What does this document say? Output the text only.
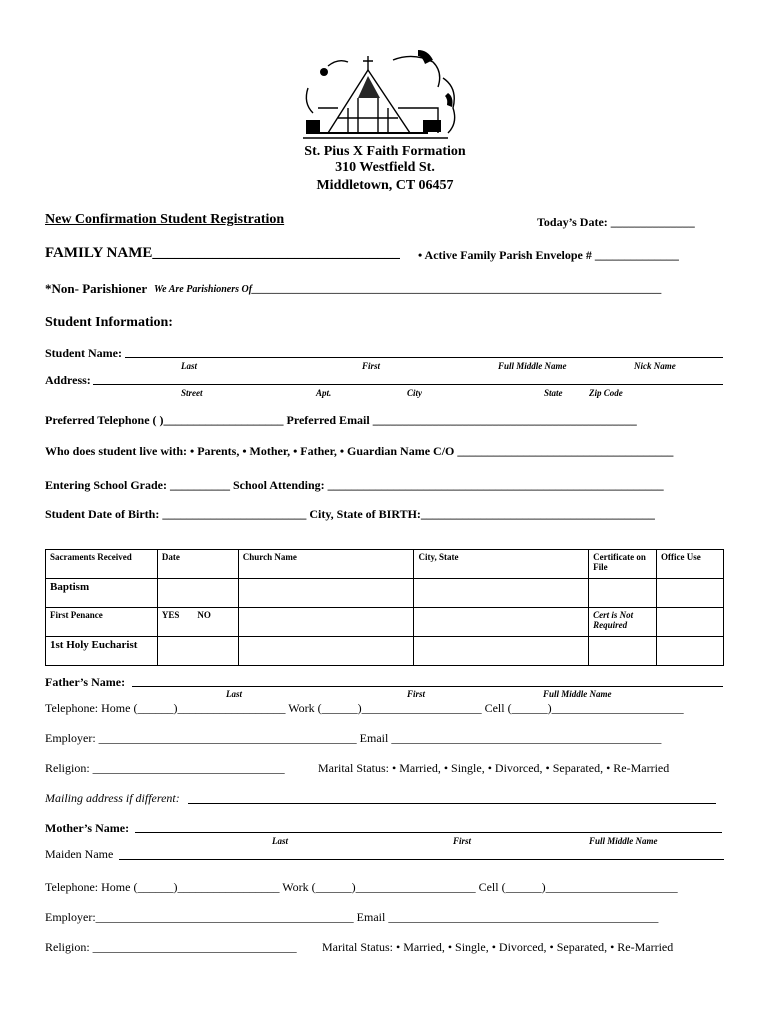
St. Pius X Faith Formation
310 Westfield St.
Middletown, CT 06457
New Confirmation Student Registration	Today’s Date: ______________
FAMILY NAME_________________________________ • Active Family Parish Envelope # ______________
*Non- Parishioner We Are Parishioners Of__________________________________________________________________________________
Student Information:
Student Name:
Last	First	Full Middle Name	Nick Name
Address:
Street	Apt.	City	State	Zip Code
Preferred Telephone ( )____________________ Preferred Email ____________________________________________
Who does student live with: • Parents, • Mother, • Father, • Guardian Name C/O ____________________________________
Entering School Grade: __________ School Attending: ________________________________________________________
Student Date of Birth: ________________________ City, State of BIRTH:_______________________________________
Sacraments Received	Date	Church Name	City, State	Certificate on File	Office Use
Baptism					
First Penance	YES        NO			Cert is Not Required	
1st Holy Eucharist					
Father’s Name:
Last	First	Full Middle Name
Telephone: Home (______)__________________ Work (______)____________________ Cell (______)______________________
Employer: ___________________________________________ Email _____________________________________________
Religion: ________________________________	Marital Status: • Married, • Single, • Divorced, • Separated, • Re-Married
Mailing address if different:
Mother’s Name:
Last	First	Full Middle Name
Maiden Name
Telephone: Home (______)_________________ Work (______)____________________ Cell (______)______________________
Employer:___________________________________________ Email _____________________________________________
Religion: __________________________________ Marital Status: • Married, • Single, • Divorced, • Separated, • Re-Married
